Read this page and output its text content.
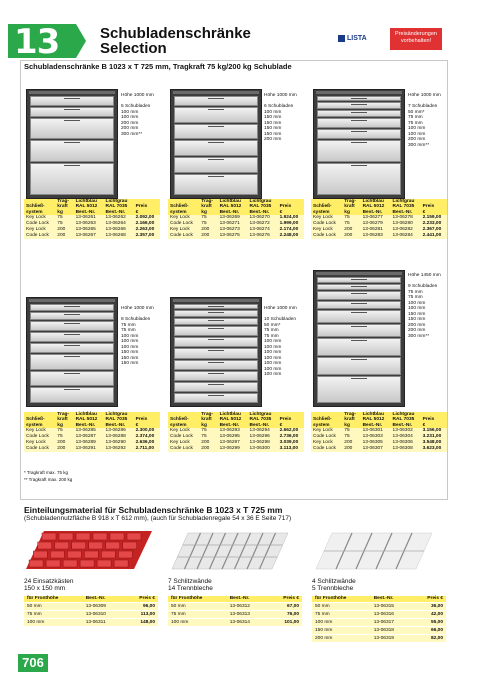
13	Schubladenschränke
Selection
LISTA
Preisänderungen vorbehalten!
Schubladenschränke B 1023 x T 725 mm, Tragkraft 75 kg/200 kg Schublade
Höhe 1000 mm

5 Schubladen
100 mm
100 mm
200 mm
200 mm
300 mm**
Schließ-
system	Trag-
kraft
kg	Lichtblau
RAL 5012
Best.-Nr.	Lichtgrau
RAL 7035
Best.-Nr.	Preis
€
Key Lock	75	13-06261	13-06262	2.092,00
Code Lock	75	13-06263	13-06264	2.166,00
Key Lock	200	13-06265	13-06266	2.263,00
Code Lock	200	13-06267	13-06268	2.357,00
Höhe 1000 mm

6 Schubladen
100 mm
150 mm
150 mm
150 mm
150 mm
200 mm
Schließ-
system	Trag-
kraft
kg	Lichtblau
RAL 5012
Best.-Nr.	Lichtgrau
RAL 7035
Best.-Nr.	Preis
€
Key Lock	75	13-06269	13-06270	1.924,00
Code Lock	75	13-06271	13-06272	1.999,00
Key Lock	200	13-06273	13-06274	2.174,00
Code Lock	200	13-06275	13-06276	2.248,00
Höhe 1000 mm

7 Schubladen
50 mm*
75 mm
75 mm
100 mm
100 mm
200 mm
300 mm**
Schließ-
system	Trag-
kraft
kg	Lichtblau
RAL 5012
Best.-Nr.	Lichtgrau
RAL 7035
Best.-Nr.	Preis
€
Key Lock	75	13-06277	13-06278	2.159,00
Code Lock	75	13-06279	13-06280	2.233,00
Key Lock	200	13-06281	13-06282	2.367,00
Code Lock	200	13-06283	13-06284	2.441,00
Höhe 1000 mm

8 Schubladen
75 mm
75 mm
100 mm
100 mm
100 mm
150 mm
150 mm
150 mm
Schließ-
system	Trag-
kraft
kg	Lichtblau
RAL 5012
Best.-Nr.	Lichtgrau
RAL 7035
Best.-Nr.	Preis
€
Key Lock	75	13-06285	13-06286	2.300,00
Code Lock	75	13-06287	13-06288	2.374,00
Key Lock	200	13-06289	13-06290	2.636,00
Code Lock	200	13-06291	13-06292	2.711,00
Höhe 1000 mm

10 Schubladen
50 mm*
75 mm
75 mm
100 mm
100 mm
100 mm
100 mm
100 mm
100 mm
100 mm
Schließ-
system	Trag-
kraft
kg	Lichtblau
RAL 5012
Best.-Nr.	Lichtgrau
RAL 7035
Best.-Nr.	Preis
€
Key Lock	75	13-06293	13-06294	2.662,00
Code Lock	75	13-06295	13-06296	2.736,00
Key Lock	200	13-06297	13-06298	3.039,00
Code Lock	200	13-06299	13-06300	3.113,00
Höhe 1450 mm

9 Schubladen
75 mm
75 mm
100 mm
100 mm
150 mm
150 mm
200 mm
200 mm
300 mm**
Schließ-
system	Trag-
kraft
kg	Lichtblau
RAL 5012
Best.-Nr.	Lichtgrau
RAL 7035
Best.-Nr.	Preis
€
Key Lock	75	13-06301	13-06302	3.156,00
Code Lock	75	13-06303	13-06304	3.231,00
Key Lock	200	13-06305	13-06306	3.548,00
Code Lock	200	13-06307	13-06308	3.623,00
* Tragkraft max. 75 kg
** Tragkraft max. 200 kg
Einteilungsmaterial für Schubladenschränke B 1023 x T 725 mm
(Schubladennutzfläche B 918 x T 612 mm), (auch für Schubladenregale 54 x 36 E Seite 717)
24 Einsatzkästen
150 x 150 mm
für Fronthöhe	Best.-Nr.	Preis €
50 mm	13-06309	96,00
75 mm	13-06310	113,00
100 mm	13-06311	148,00
7 Schlitzwände
14 Trennbleche
für Fronthöhe	Best.-Nr.	Preis €
50 mm	13-06312	67,00
75 mm	13-06313	76,00
100 mm	13-06314	101,00
4 Schlitzwände
5 Trennbleche
für Fronthöhe	Best.-Nr.	Preis €
50 mm	13-06315	36,00
75 mm	13-06316	42,00
100 mm	13-06317	55,00
150 mm	13-06318	66,00
200 mm	13-06319	82,00
706
